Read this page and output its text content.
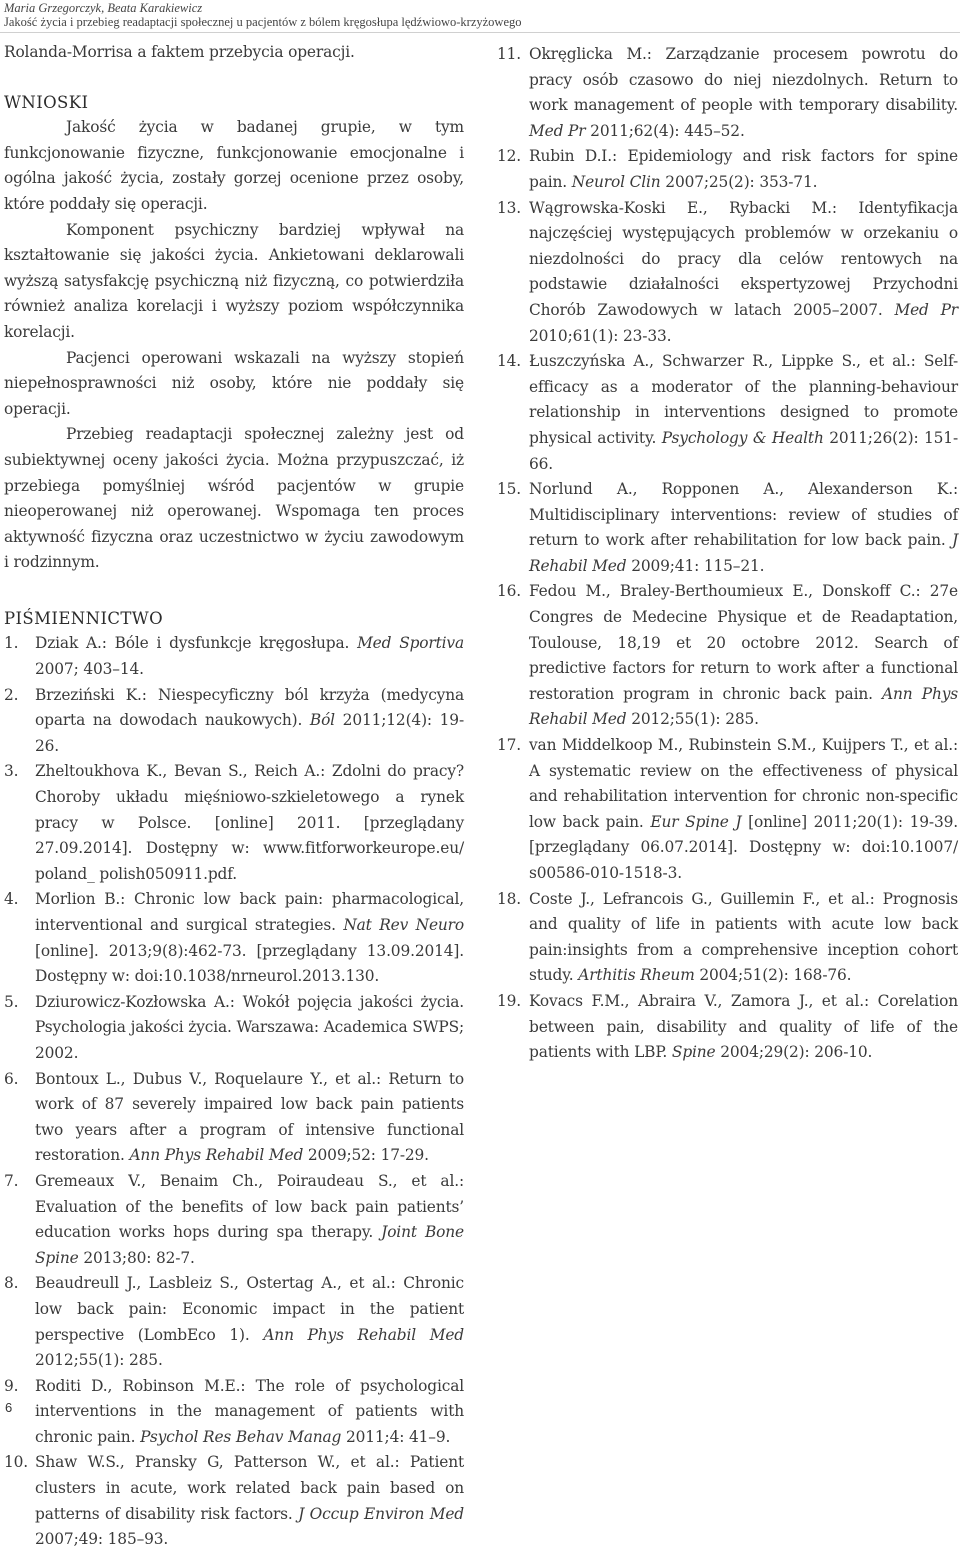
Maria Grzegorczyk, Beata Karakiewicz
Jakość życia i przebieg readaptacji społecznej u pacjentów z bólem kręgosłupa lędźwiowo-krzyżowego

Rolanda-Morrisa a faktem przebycia operacji.

WNIOSKI

Jakość życia w badanej grupie, w tym funkcjonowanie fizyczne, funkcjonowanie emocjonalne i ogólna jakość życia, zostały gorzej ocenione przez osoby, które poddały się operacji.

Komponent psychiczny bardziej wpływał na kształtowanie się jakości życia. Ankietowani deklarowali wyższą satysfakcję psychiczną niż fizyczną, co potwierdziła również analiza korelacji i wyższy poziom współczynnika korelacji.

Pacjenci operowani wskazali na wyższy stopień niepełnosprawności niż osoby, które nie poddały się operacji.

Przebieg readaptacji społecznej zależny jest od subiektywnej oceny jakości życia. Można przypuszczać, iż przebiega pomyślniej wśród pacjentów w grupie nieoperowanej niż operowanej. Wspomaga ten proces aktywność fizyczna oraz uczestnictwo w życiu zawodowym i rodzinnym.

PIŚMIENNICTWO
1. Dziak A.: Bóle i dysfunkcje kręgosłupa. Med Sportiva 2007; 403–14.
2. Brzeziński K.: Niespecyficzny ból krzyża (medycyna oparta na dowodach naukowych). Ból 2011;12(4): 19-26.
3. Zheltoukhova K., Bevan S., Reich A.: Zdolni do pracy? Choroby układu mięśniowo-szkieletowego a rynek pracy w Polsce. [online] 2011. [przeglądany 27.09.2014]. Dostępny w: www.fitforworkeurope.eu/ poland_ polish050911.pdf.
4. Morlion B.: Chronic low back pain: pharmacological, interventional and surgical strategies. Nat Rev Neuro [online]. 2013;9(8):462-73. [przeglądany 13.09.2014]. Dostępny w: doi:10.1038/nrneurol.2013.130.
5. Dziurowicz-Kozłowska A.: Wokół pojęcia jakości życia. Psychologia jakości życia. Warszawa: Academica SWPS; 2002.
6. Bontoux L., Dubus V., Roquelaure Y., et al.: Return to work of 87 severely impaired low back pain patients two years after a program of intensive functional restoration. Ann Phys Rehabil Med 2009;52: 17-29.
7. Gremeaux V., Benaim Ch., Poiraudeau S., et al.: Evaluation of the benefits of low back pain patients’ education works hops during spa therapy. Joint Bone Spine 2013;80: 82-7.
8. Beaudreull J., Lasbleiz S., Ostertag A., et al.: Chronic low back pain: Economic impact in the patient perspective (LombEco 1). Ann Phys Rehabil Med 2012;55(1): 285.
9. Roditi D., Robinson M.E.: The role of psychological interventions in the management of patients with chronic pain. Psychol Res Behav Manag 2011;4: 41–9.
10. Shaw W.S., Pransky G, Patterson W., et al.: Patient clusters in acute, work related back pain based on patterns of disability risk factors. J Occup Environ Med 2007;49: 185–93.
11. Okręglicka M.: Zarządzanie procesem powrotu do pracy osób czasowo do niej niezdolnych. Return to work management of people with temporary disability. Med Pr 2011;62(4): 445–52.
12. Rubin D.I.: Epidemiology and risk factors for spine pain. Neurol Clin 2007;25(2): 353-71.
13. Wągrowska-Koski E., Rybacki M.: Identyfikacja najczęściej występujących problemów w orzekaniu o niezdolności do pracy dla celów rentowych na podstawie działalności ekspertyzowej Przychodni Chorób Zawodowych w latach 2005–2007. Med Pr 2010;61(1): 23-33.
14. Łuszczyńska A., Schwarzer R., Lippke S., et al.: Self-efficacy as a moderator of the planning-behaviour relationship in interventions designed to promote physical activity. Psychology & Health 2011;26(2): 151-66.
15. Norlund A., Ropponen A., Alexanderson K.: Multidisciplinary interventions: review of studies of return to work after rehabilitation for low back pain. J Rehabil Med 2009;41: 115–21.
16. Fedou M., Braley-Berthoumieux E., Donskoff C.: 27e Congres de Medecine Physique et de Readaptation, Toulouse, 18,19 et 20 octobre 2012. Search of predictive factors for return to work after a functional restoration program in chronic back pain. Ann Phys Rehabil Med 2012;55(1): 285.
17. van Middelkoop M., Rubinstein S.M., Kuijpers T., et al.: A systematic review on the effectiveness of physical and rehabilitation intervention for chronic non-specific low back pain. Eur Spine J [online] 2011;20(1): 19-39. [przeglądany 06.07.2014]. Dostępny w: doi:10.1007/ s00586-010-1518-3.
18. Coste J., Lefrancois G., Guillemin F., et al.: Prognosis and quality of life in patients with acute low back pain:insights from a comprehensive inception cohort study. Arthitis Rheum 2004;51(2): 168-76.
19. Kovacs F.M., Abraira V., Zamora J., et al.: Corelation between pain, disability and quality of life of the patients with LBP. Spine 2004;29(2): 206-10.
6
